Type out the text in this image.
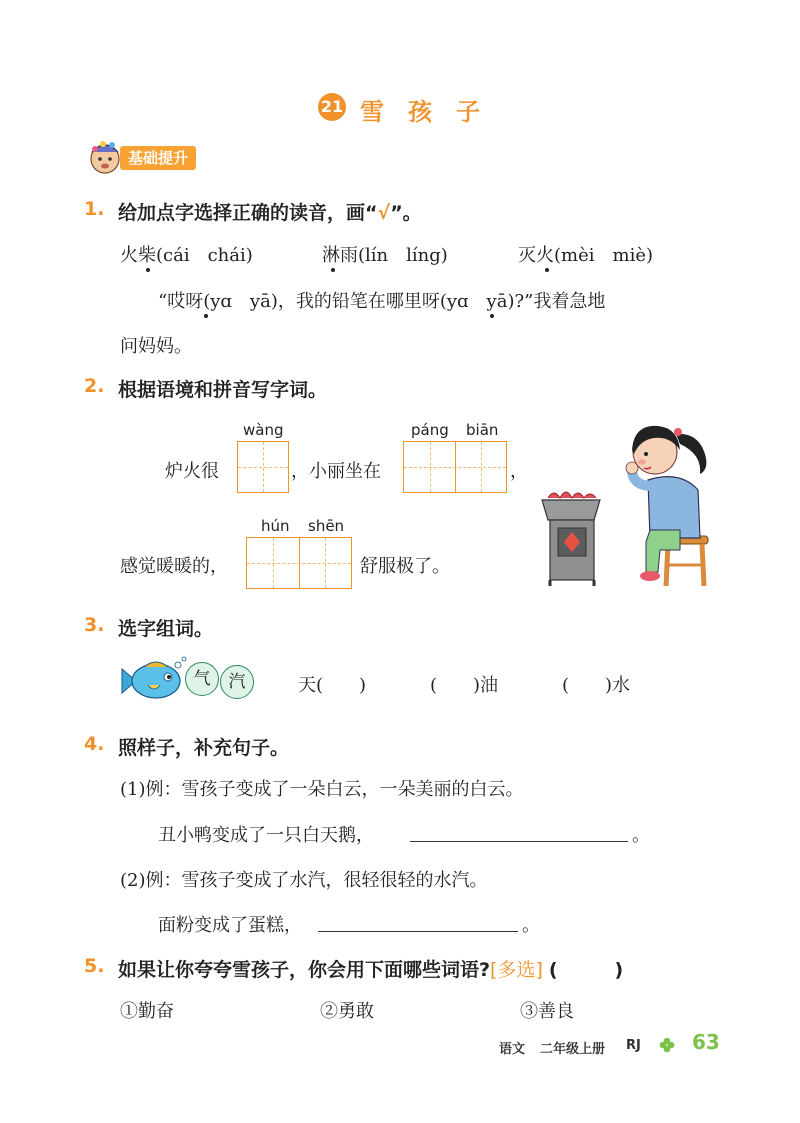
21 雪　孩　子
基础提升
1. 给加点字选择正确的读音，画“√”。
火柴(cái　chái)	淋雨(lín　líng)	灭火(mèi　miè)
“哎呀(yɑ　yā)，我的铅笔在哪里呀(yɑ　yā)?”我着急地
问妈妈。
2. 根据语境和拼音写字词。
wàng	páng biān
炉火很	，小丽坐在	，
hún shēn
感觉暖暖的，	舒服极了。
3. 选字组词。
气	汽	天(　　)	(　　)油	(　　)水
4. 照样子，补充句子。
(1)例：雪孩子变成了一朵白云，一朵美丽的白云。
丑小鸭变成了一只白天鹅，	。
(2)例：雪孩子变成了水汽，很轻很轻的水汽。
面粉变成了蛋糕，	。
5. 如果让你夸夸雪孩子，你会用下面哪些词语?[多选] (　　　)
①勤奋	②勇敢	③善良
语文 二年级上册 RJ	63
